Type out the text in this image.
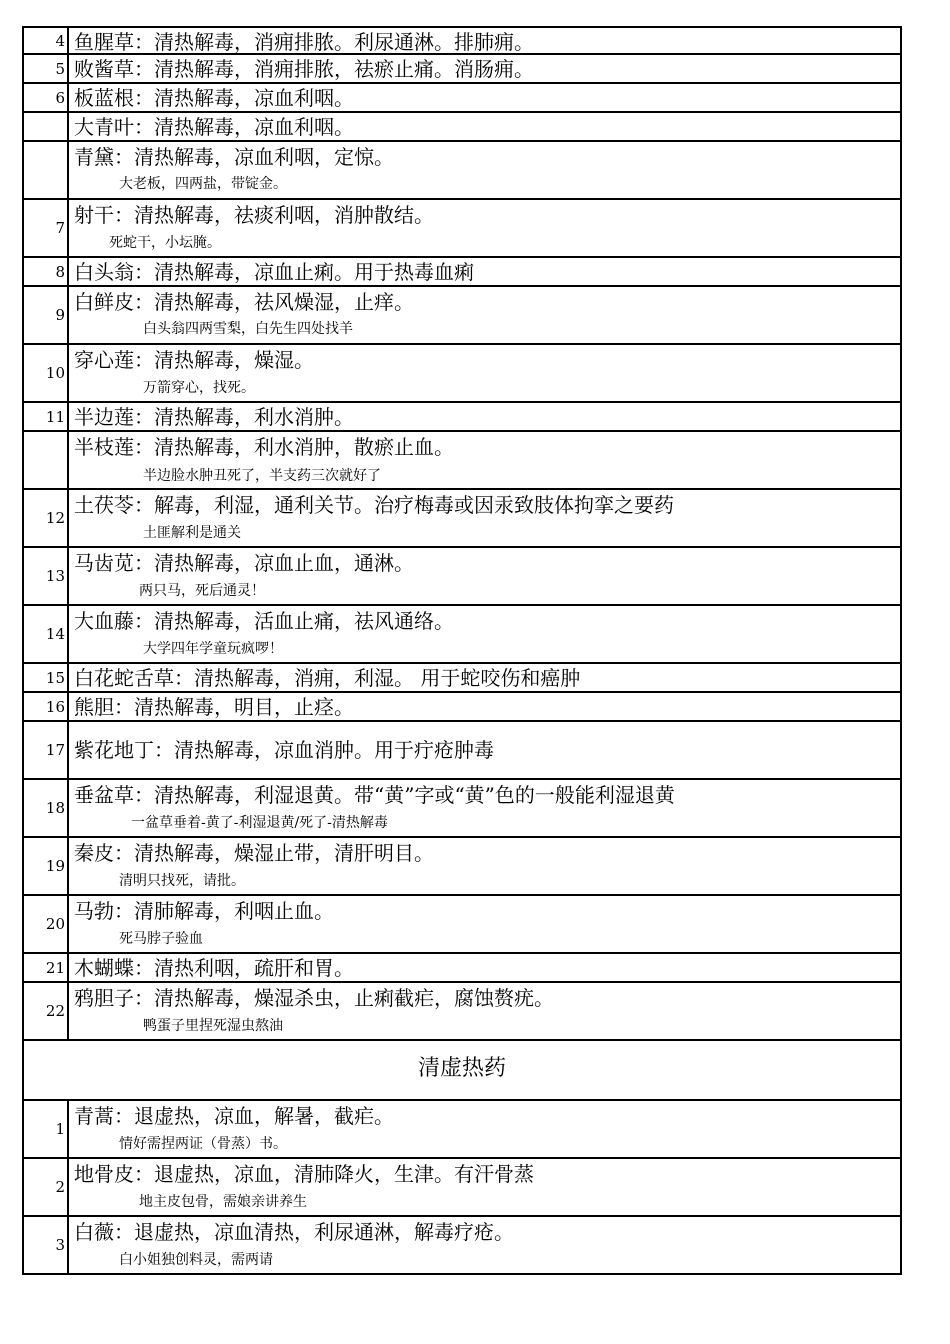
4 鱼腥草：清热解毒，消痈排脓。利尿通淋。排肺痈。
5 败酱草：清热解毒，消痈排脓，祛瘀止痛。消肠痈。
6 板蓝根：清热解毒，凉血利咽。
大青叶：清热解毒，凉血利咽。
青黛：清热解毒，凉血利咽，定惊。
大老板，四两盐，带锭金。
7
射干：清热解毒，祛痰利咽，消肿散结。
死蛇干，小坛腌。
8 白头翁：清热解毒，凉血止痢。用于热毒血痢
9
白鲜皮：清热解毒，祛风燥湿，止痒。
白头翁四两雪梨，白先生四处找羊
10
穿心莲：清热解毒，燥湿。
万箭穿心，找死。
11 半边莲：清热解毒，利水消肿。
半枝莲：清热解毒，利水消肿，散瘀止血。
半边脸水肿丑死了，半支药三次就好了
12
土茯苓：解毒，利湿，通利关节。治疗梅毒或因汞致肢体拘挛之要药
土匪解利是通关
13
马齿苋：清热解毒，凉血止血，通淋。
两只马，死后通灵！
14
大血藤：清热解毒，活血止痛，祛风通络。
大学四年学童玩疯啰！
15 白花蛇舌草：清热解毒，消痈，利湿。 用于蛇咬伤和癌肿
16 熊胆：清热解毒，明目，止痉。
17 紫花地丁：清热解毒，凉血消肿。用于疔疮肿毒
18
垂盆草：清热解毒，利湿退黄。带“黄”字或“黄”色的一般能利湿退黄
一盆草垂着-黄了-利湿退黄/死了-清热解毒
19
秦皮：清热解毒，燥湿止带，清肝明目。
清明只找死，请批。
20
马勃：清肺解毒，利咽止血。
死马脖子验血
21 木蝴蝶：清热利咽，疏肝和胃。
22
鸦胆子：清热解毒，燥湿杀虫，止痢截疟，腐蚀赘疣。
鸭蛋子里捏死湿虫熬油
清虚热药
1
青蒿：退虚热，凉血，解暑，截疟。
情好需捏两证（骨蒸）书。
2
地骨皮：退虚热，凉血，清肺降火，生津。有汗骨蒸
地主皮包骨，需娘亲讲养生
3
白薇：退虚热，凉血清热，利尿通淋，解毒疗疮。
白小姐独创料灵，需两请
